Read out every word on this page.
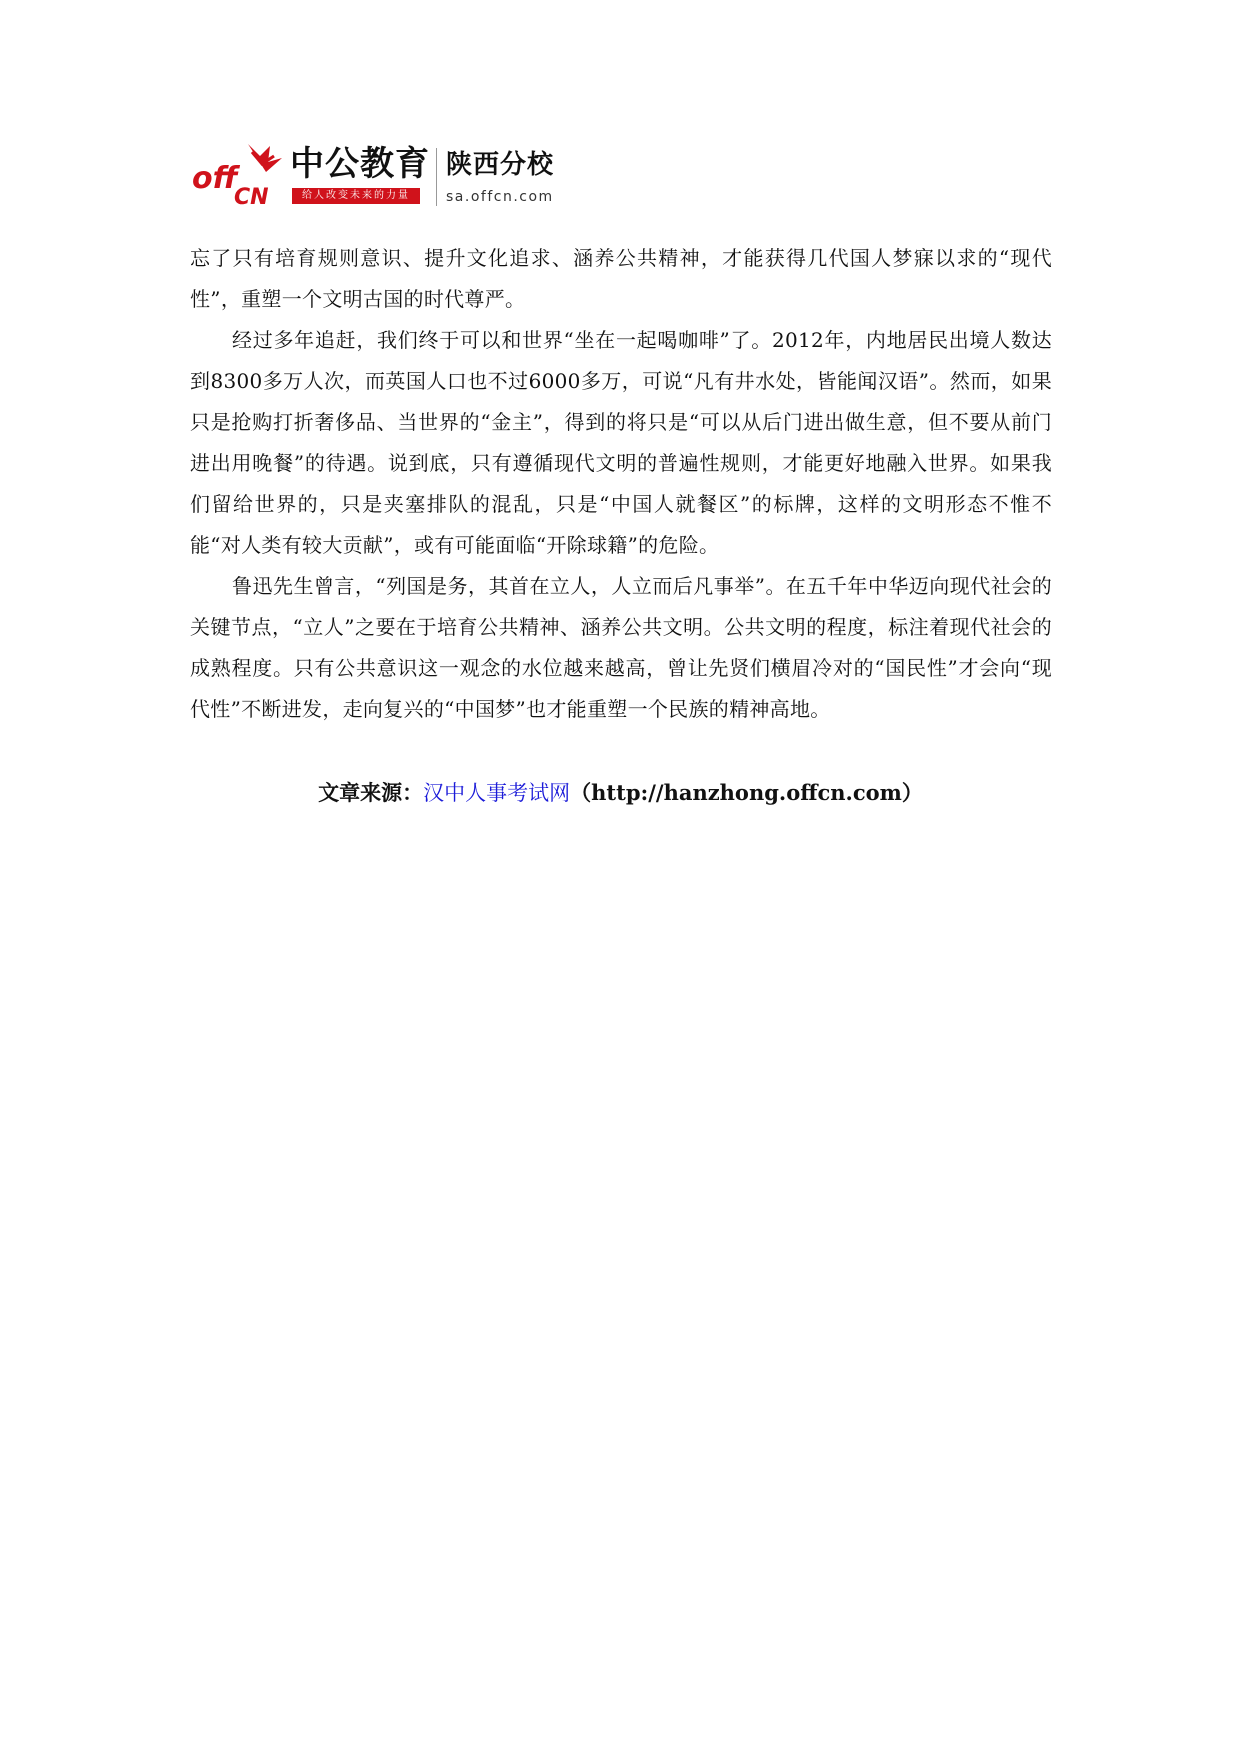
off
CN
中公教育
给人改变未来的力量
陕西分校
sa.offcn.com

忘了只有培育规则意识、提升文化追求、涵养公共精神，才能获得几代国人梦寐以求的“现代性”，重塑一个文明古国的时代尊严。

经过多年追赶，我们终于可以和世界“坐在一起喝咖啡”了。2012年，内地居民出境人数达到8300多万人次，而英国人口也不过6000多万，可说“凡有井水处，皆能闻汉语”。然而，如果只是抢购打折奢侈品、当世界的“金主”，得到的将只是“可以从后门进出做生意，但不要从前门进出用晚餐”的待遇。说到底，只有遵循现代文明的普遍性规则，才能更好地融入世界。如果我们留给世界的，只是夹塞排队的混乱，只是“中国人就餐区”的标牌，这样的文明形态不惟不能“对人类有较大贡献”，或有可能面临“开除球籍”的危险。

鲁迅先生曾言，“列国是务，其首在立人，人立而后凡事举”。在五千年中华迈向现代社会的关键节点，“立人”之要在于培育公共精神、涵养公共文明。公共文明的程度，标注着现代社会的成熟程度。只有公共意识这一观念的水位越来越高，曾让先贤们横眉冷对的“国民性”才会向“现代性”不断进发，走向复兴的“中国梦”也才能重塑一个民族的精神高地。

文章来源：汉中人事考试网（http://hanzhong.offcn.com）
